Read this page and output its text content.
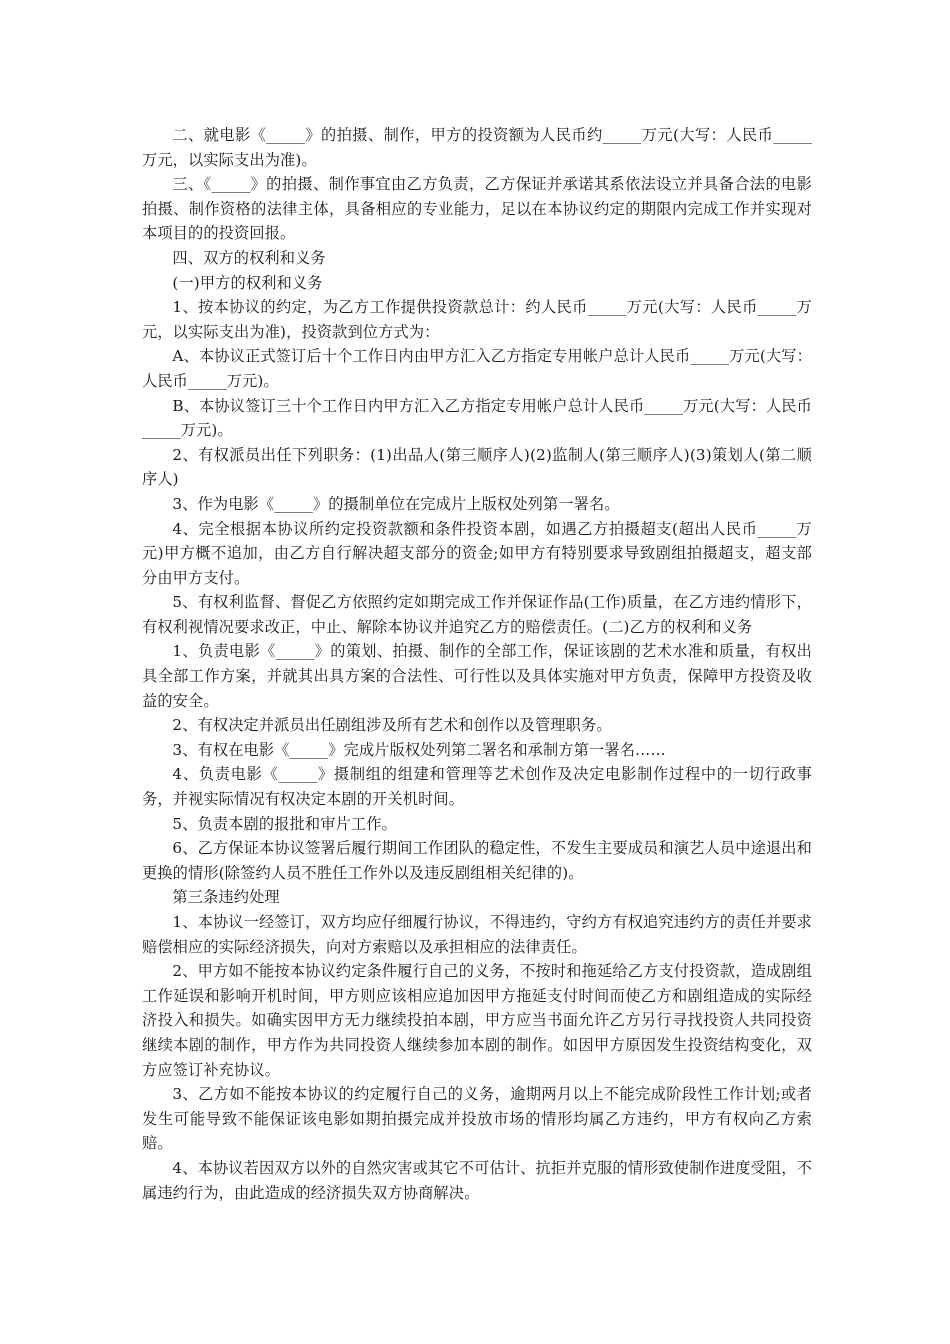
二、就电影《_____》的拍摄、制作，甲方的投资额为人民币约_____万元(大写：人民币_____万元，以实际支出为准)。

三、《_____》的拍摄、制作事宜由乙方负责，乙方保证并承诺其系依法设立并具备合法的电影拍摄、制作资格的法律主体，具备相应的专业能力，足以在本协议约定的期限内完成工作并实现对本项目的的投资回报。

四、双方的权利和义务

(一)甲方的权利和义务

1、按本协议的约定，为乙方工作提供投资款总计：约人民币_____万元(大写：人民币_____万元，以实际支出为准)，投资款到位方式为：

A、本协议正式签订后十个工作日内由甲方汇入乙方指定专用帐户总计人民币_____万元(大写：人民币_____万元)。

B、本协议签订三十个工作日内甲方汇入乙方指定专用帐户总计人民币_____万元(大写：人民币_____万元)。

2、有权派员出任下列职务：(1)出品人(第三顺序人)(2)监制人(第三顺序人)(3)策划人(第二顺序人)

3、作为电影《_____》的摄制单位在完成片上版权处列第一署名。

4、完全根据本协议所约定投资款额和条件投资本剧，如遇乙方拍摄超支(超出人民币_____万元)甲方概不追加，由乙方自行解决超支部分的资金;如甲方有特别要求导致剧组拍摄超支，超支部分由甲方支付。

5、有权利监督、督促乙方依照约定如期完成工作并保证作品(工作)质量，在乙方违约情形下，有权利视情况要求改正，中止、解除本协议并追究乙方的赔偿责任。(二)乙方的权利和义务

1、负责电影《_____》的策划、拍摄、制作的全部工作，保证该剧的艺术水准和质量，有权出具全部工作方案，并就其出具方案的合法性、可行性以及具体实施对甲方负责，保障甲方投资及收益的安全。

2、有权决定并派员出任剧组涉及所有艺术和创作以及管理职务。

3、有权在电影《_____》完成片版权处列第二署名和承制方第一署名……

4、负责电影《_____》摄制组的组建和管理等艺术创作及决定电影制作过程中的一切行政事务，并视实际情况有权决定本剧的开关机时间。

5、负责本剧的报批和审片工作。

6、乙方保证本协议签署后履行期间工作团队的稳定性，不发生主要成员和演艺人员中途退出和更换的情形(除签约人员不胜任工作外以及违反剧组相关纪律的)。

第三条违约处理

1、本协议一经签订，双方均应仔细履行协议，不得违约，守约方有权追究违约方的责任并要求赔偿相应的实际经济损失，向对方索赔以及承担相应的法律责任。

2、甲方如不能按本协议约定条件履行自己的义务，不按时和拖延给乙方支付投资款，造成剧组工作延误和影响开机时间，甲方则应该相应追加因甲方拖延支付时间而使乙方和剧组造成的实际经济投入和损失。如确实因甲方无力继续投拍本剧，甲方应当书面允许乙方另行寻找投资人共同投资继续本剧的制作，甲方作为共同投资人继续参加本剧的制作。如因甲方原因发生投资结构变化，双方应签订补充协议。

3、乙方如不能按本协议的约定履行自己的义务，逾期两月以上不能完成阶段性工作计划;或者发生可能导致不能保证该电影如期拍摄完成并投放市场的情形均属乙方违约，甲方有权向乙方索赔。

4、本协议若因双方以外的自然灾害或其它不可估计、抗拒并克服的情形致使制作进度受阻，不属违约行为，由此造成的经济损失双方协商解决。
